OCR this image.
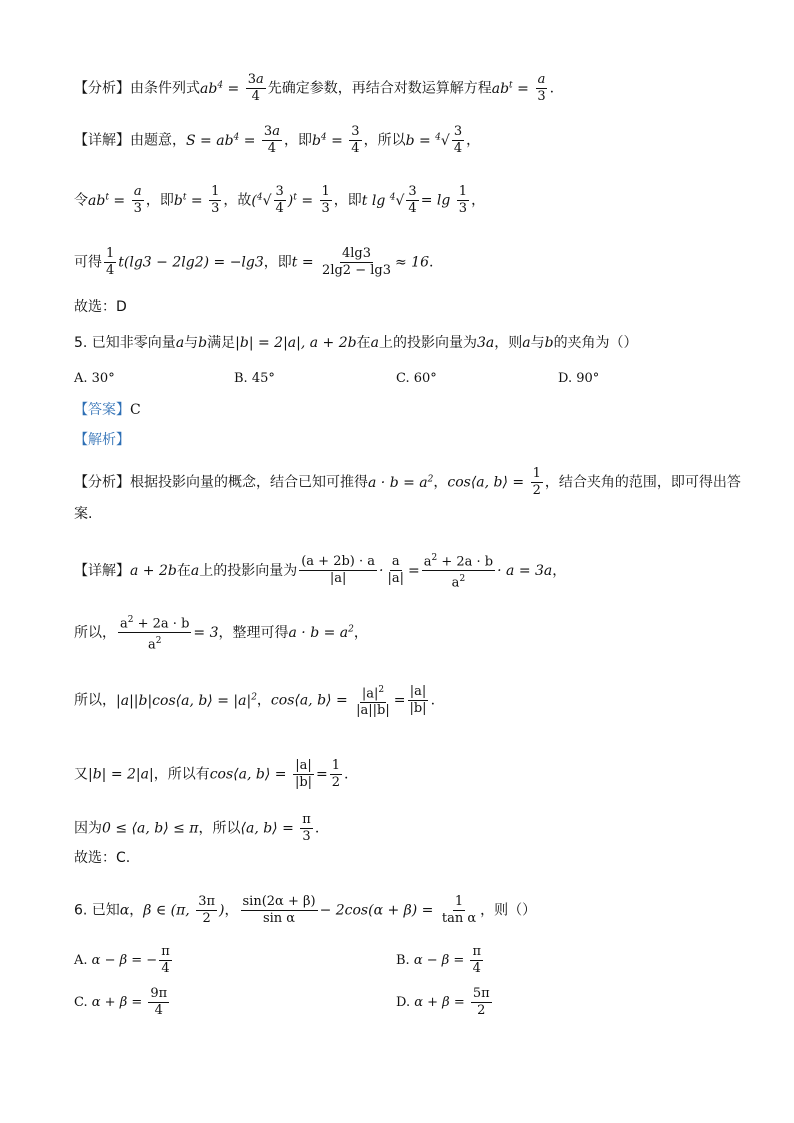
【分析】由条件列式$ab^4 = \frac{3a}{4}$ 先确定参数，再结合对数运算解方程$ab^t = \frac{a}{3}$ .
【详解】由题意，$S = ab^4 = \frac{3a}{4}$ ，即$b^4 = \frac{3}{4}$ ，所以$b = ^4√ \frac{3}{4}$ ，
令$ab^t = \frac{a}{3}$ ，即$b^t = \frac{1}{3}$ ，故$(^4√ \frac{3}{4} )^t = \frac{1}{3}$ ，即t $\lg ^4√ \frac{3}{4} = \lg \frac{1}{3}$ ，
可得 $\frac{1}{4} t(\lg 3 - 2\lg 2) = -\lg 3$，即$t = \frac{4\lg 3}{2\lg 2 - \lg 3} \approx 16$.
故选：D
5. 已知非零向量a与b满足|b| = 2|a|, a + 2b在a上的投影向量为3a，则a与b的夹角为（）
A. 30°	B. 45°	C. 60°	D. 90°
【答案】C
【解析】
【分析】根据投影向量的概念，结合已知可推得$a \cdot b = a^2$，cos⟨a, b⟩ = $\frac{1}{2}$ ，结合夹角的范围，即可得出答
案.
【详解】a + 2b在a上的投影向量为 $\frac{(a + 2b) \cdot a}{|a|} \cdot \frac{a}{|a|} = \frac{a^2 + 2a \cdot b}{a^2} \cdot a = 3a$，
所以， $\frac{a^2 + 2a \cdot b}{a^2} = 3$，整理可得$a \cdot b = a^2$，
所以，|a||b|cos⟨a, b⟩ = $|a|^2$，cos⟨a, b⟩ = $\frac{|a|^2}{|a||b|} = \frac{|a|}{|b|}$ .
又|b| = 2|a|，所以有cos⟨a, b⟩ = $\frac{|a|}{|b|} = \frac{1}{2}$ .
因为0 ≤ ⟨a, b⟩ ≤ π，所以⟨a, b⟩ = $\frac{\pi}{3}$ .
故选：C.
6. 已知α，β ∈ (π, $\frac{3\pi}{2}$ )， $\frac{\sin(2\alpha + \beta)}{\text{sin α}} - 2\cos(\alpha + \beta) = \frac{1}{\text{tan α}}$ ，则（）
A. α − β = − $\frac{\pi}{4}$	B. $\alpha - \beta = \frac{\pi}{4}$
C. $\alpha + \beta = \frac{9\pi}{4}$	D. $\alpha + \beta = \frac{5\pi}{2}$
